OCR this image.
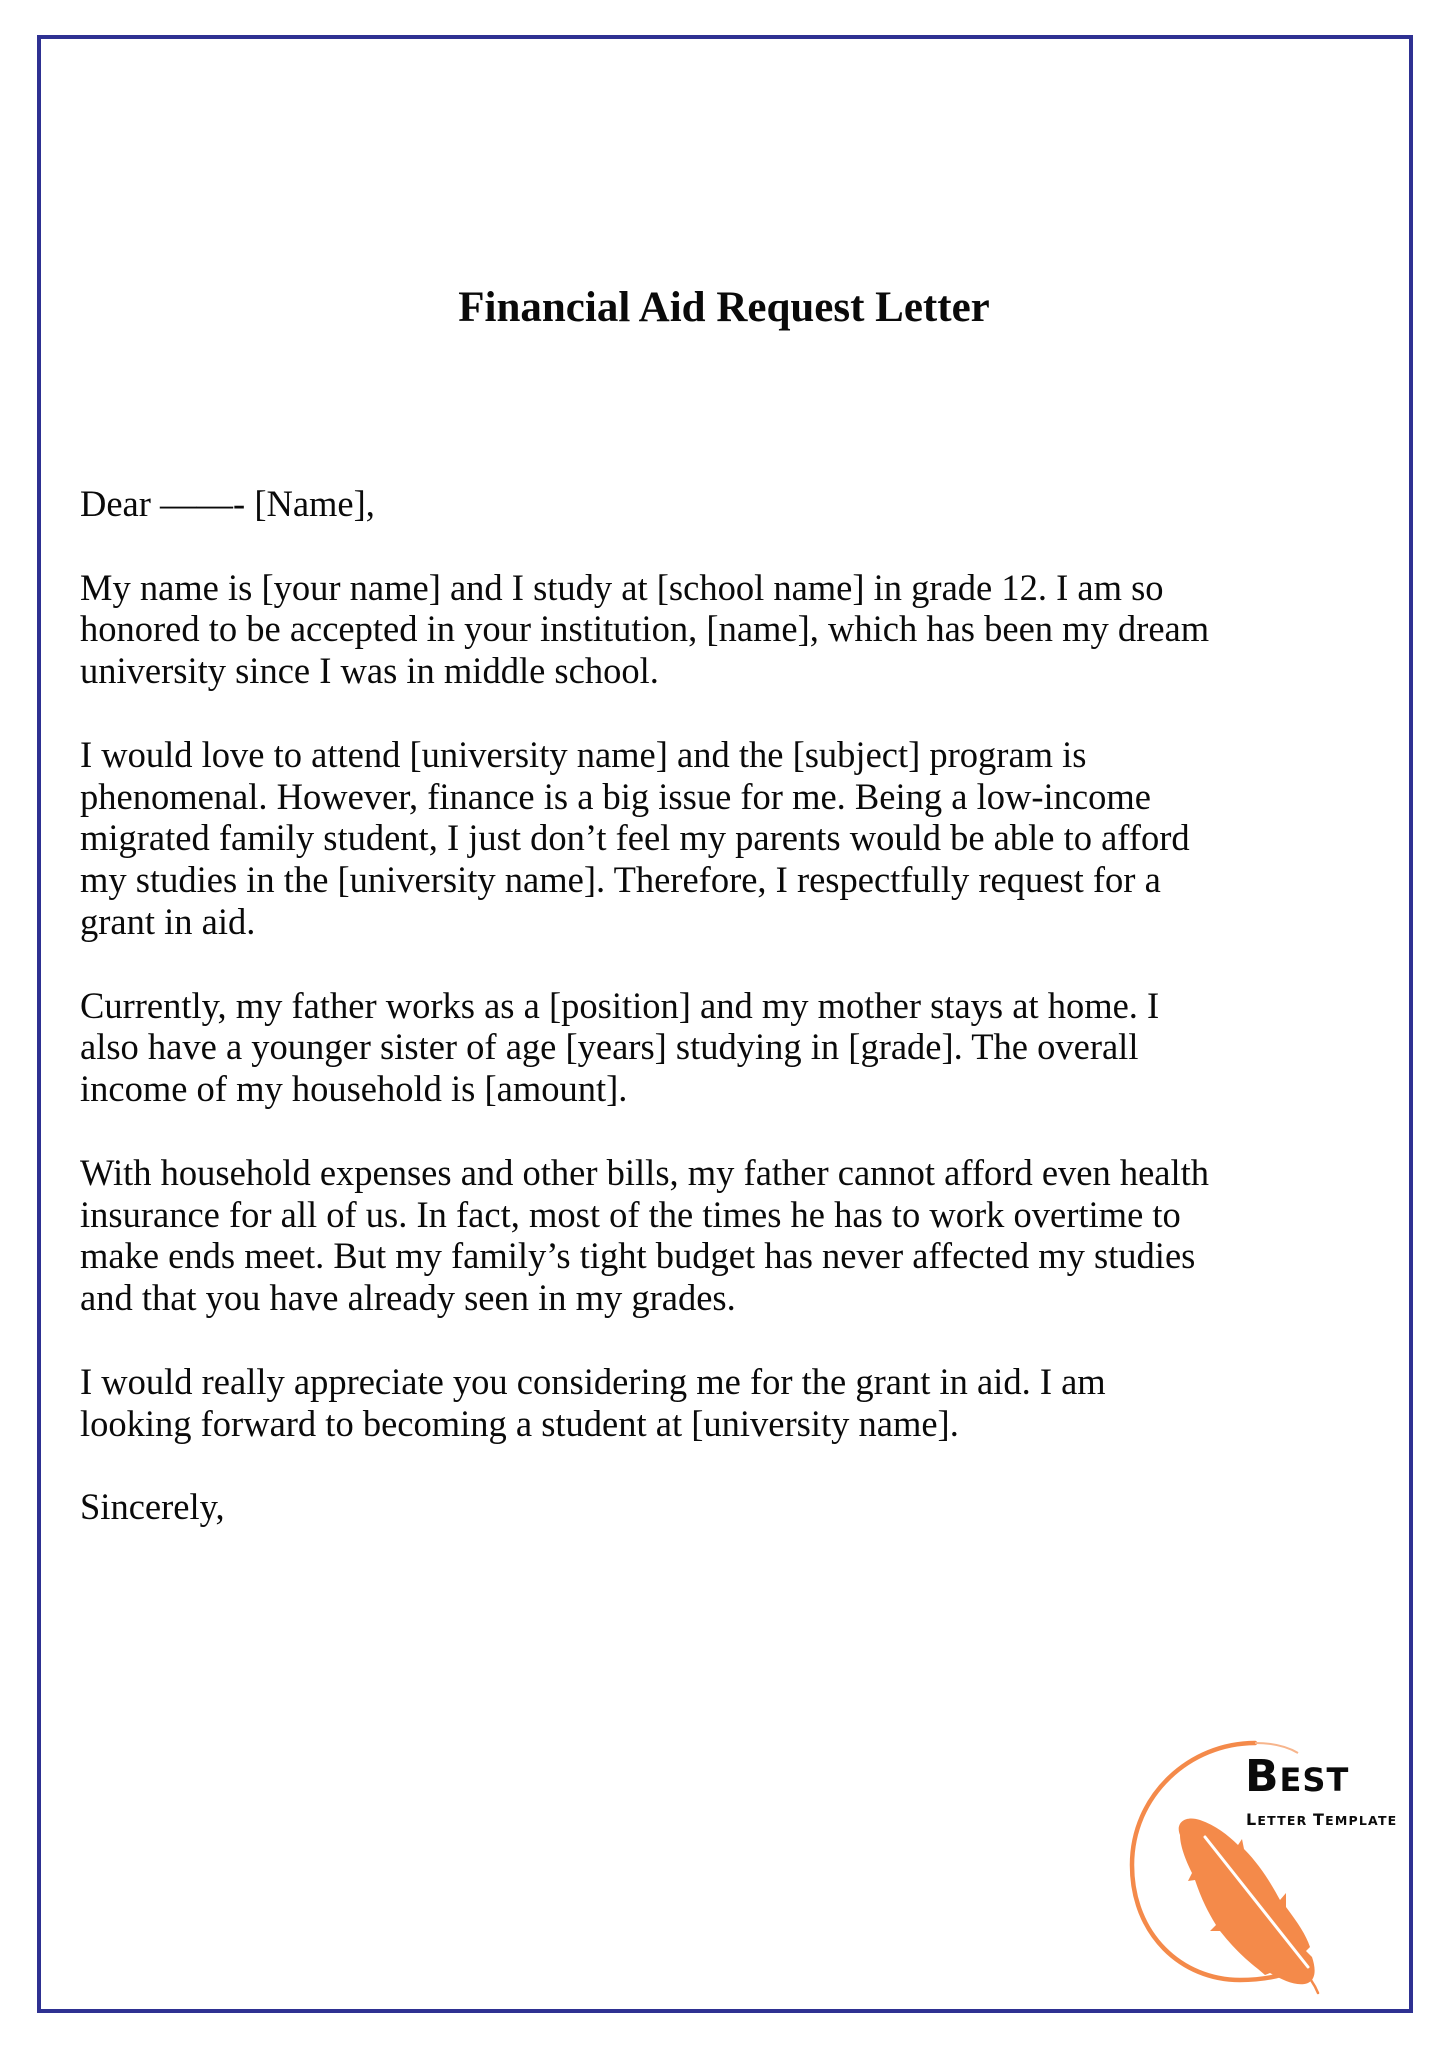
Financial Aid Request Letter

Dear ——- [Name],

My name is [your name] and I study at [school name] in grade 12. I am so
honored to be accepted in your institution, [name], which has been my dream
university since I was in middle school.

I would love to attend [university name] and the [subject] program is
phenomenal. However, finance is a big issue for me. Being a low-income
migrated family student, I just don’t feel my parents would be able to afford
my studies in the [university name]. Therefore, I respectfully request for a
grant in aid.

Currently, my father works as a [position] and my mother stays at home. I
also have a younger sister of age [years] studying in [grade]. The overall
income of my household is [amount].

With household expenses and other bills, my father cannot afford even health
insurance for all of us. In fact, most of the times he has to work overtime to
make ends meet. But my family’s tight budget has never affected my studies
and that you have already seen in my grades.

I would really appreciate you considering me for the grant in aid. I am
looking forward to becoming a student at [university name].

Sincerely,

BEST
LETTER TEMPLATE
